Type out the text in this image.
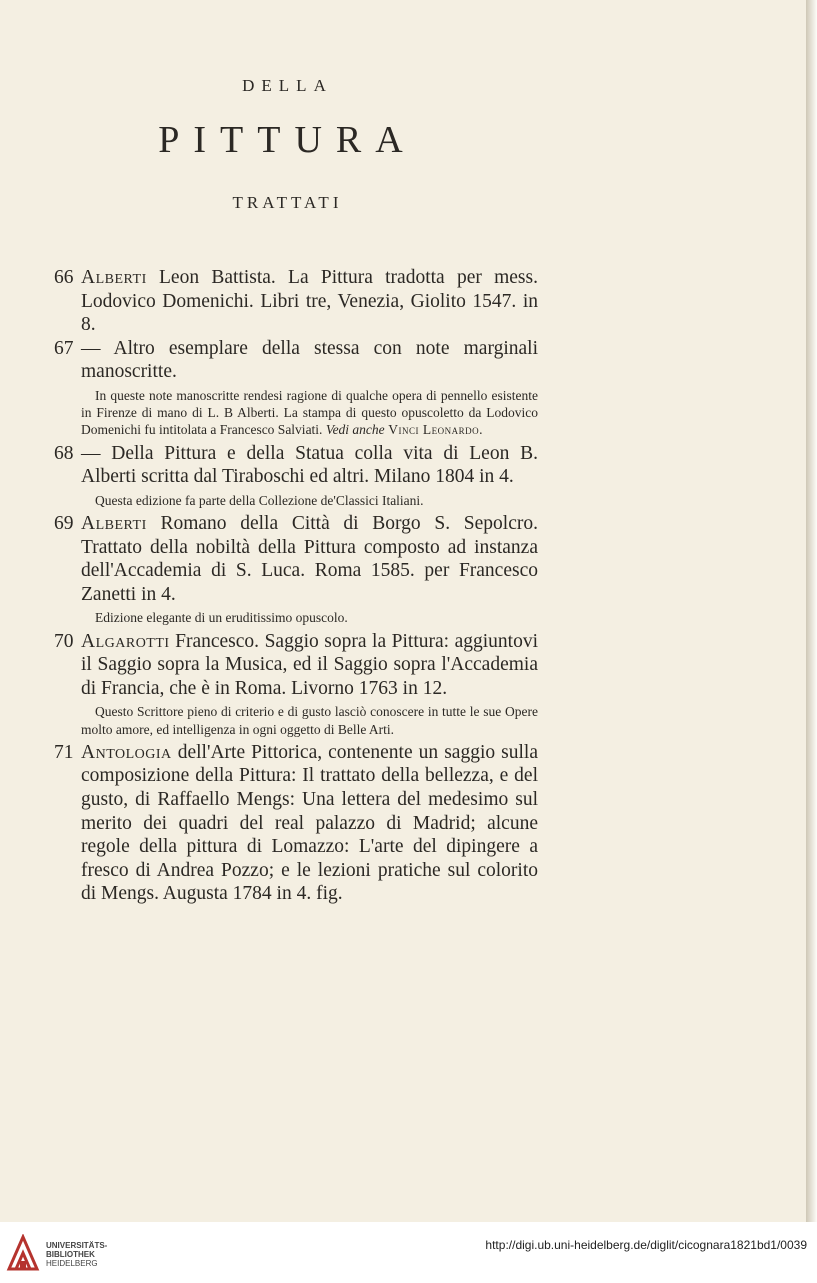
DELLA
PITTURA
TRATTATI

66 Alberti Leon Battista. La Pittura tradotta per mess. Lodovico Domenichi. Libri tre, Venezia, Giolito 1547. in 8.

67 — Altro esemplare della stessa con note marginali manoscritte.

In queste note manoscritte rendesi ragione di qualche opera di pennello esistente in Firenze di mano di L. B Alberti. La stampa di questo opuscoletto da Lodovico Domenichi fu intitolata a Francesco Salviati. Vedi anche Vinci Leonardo.

68 — Della Pittura e della Statua colla vita di Leon B. Alberti scritta dal Tiraboschi ed altri. Milano 1804 in 4.

Questa edizione fa parte della Collezione de'Classici Italiani.

69 Alberti Romano della Città di Borgo S. Sepolcro. Trattato della nobiltà della Pittura composto ad instanza dell'Accademia di S. Luca. Roma 1585. per Francesco Zanetti in 4.

Edizione elegante di un eruditissimo opuscolo.

70 Algarotti Francesco. Saggio sopra la Pittura: aggiuntovi il Saggio sopra la Musica, ed il Saggio sopra l'Accademia di Francia, che è in Roma. Livorno 1763 in 12.

Questo Scrittore pieno di criterio e di gusto lasciò conoscere in tutte le sue Opere molto amore, ed intelligenza in ogni oggetto di Belle Arti.

71 Antologia dell'Arte Pittorica, contenente un saggio sulla composizione della Pittura: Il trattato della bellezza, e del gusto, di Raffaello Mengs: Una lettera del medesimo sul merito dei quadri del real palazzo di Madrid; alcune regole della pittura di Lomazzo: L'arte del dipingere a fresco di Andrea Pozzo; e le lezioni pratiche sul colorito di Mengs. Augusta 1784 in 4. fig.

UNIVERSITÄTS-
BIBLIOTHEK
HEIDELBERG
http://digi.ub.uni-heidelberg.de/diglit/cicognara1821bd1/0039
